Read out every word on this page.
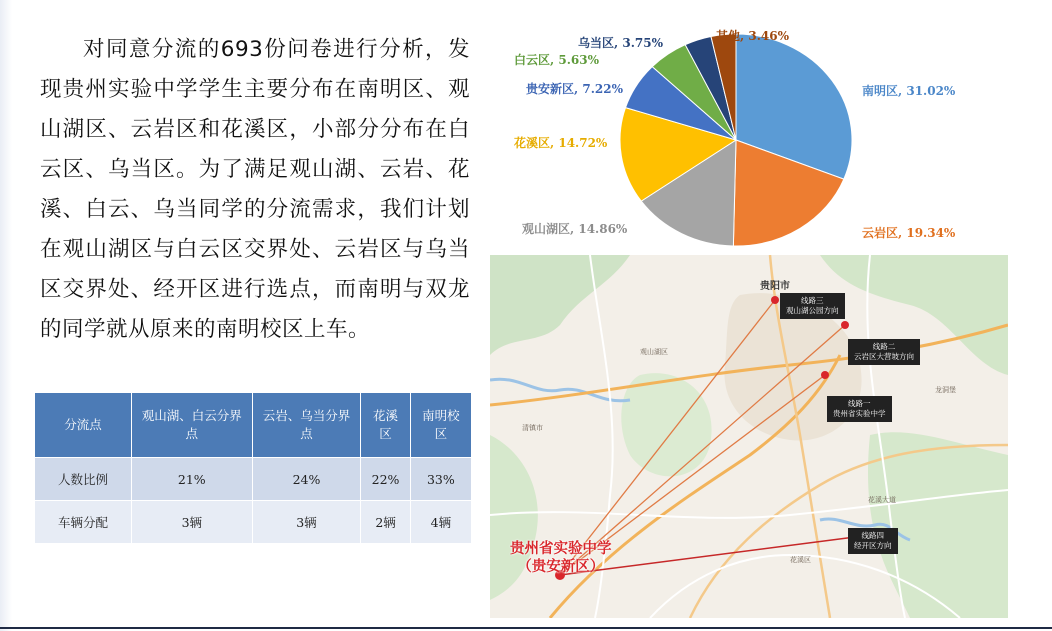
对同意分流的693份问卷进行分析，发现贵州实验中学学生主要分布在南明区、观山湖区、云岩区和花溪区，小部分分布在白云区、乌当区。为了满足观山湖、云岩、花溪、白云、乌当同学的分流需求，我们计划在观山湖区与白云区交界处、云岩区与乌当区交界处、经开区进行选点，而南明与双龙的同学就从原来的南明校区上车。
分流点	观山湖、白云分界点	云岩、乌当分界点	花溪区	南明校区
人数比例	21%	24%	22%	33%
车辆分配	3辆	3辆	2辆	4辆
南明区, 31.02%
云岩区, 19.34%
观山湖区, 14.86%
花溪区, 14.72%
贵安新区, 7.22%
白云区, 5.63%
乌当区, 3.75%	其他, 3.46%
贵阳市
清镇市
花溪区
龙洞堡
花溪大道
观山湖区
线路三
观山湖公园方向
线路二
云岩区大营坡方向
线路一
贵州省实验中学
线路四
经开区方向
贵州省实验中学
（贵安新区）
